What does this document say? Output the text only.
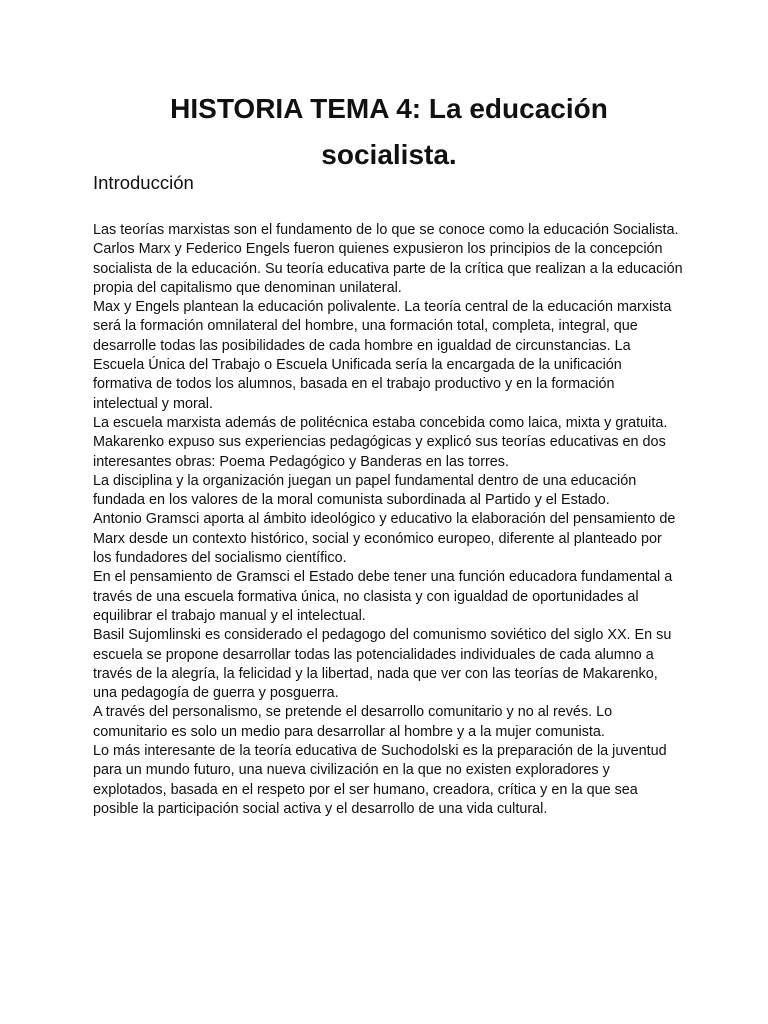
HISTORIA TEMA 4: La educación socialista.
Introducción

Las teorías marxistas son el fundamento de lo que se conoce como la educación Socialista.

Carlos Marx y Federico Engels fueron quienes expusieron los principios de la concepción socialista de la educación. Su teoría educativa parte de la crítica que realizan a la educación propia del capitalismo que denominan unilateral.

Max y Engels plantean la educación polivalente. La teoría central de la educación marxista será la formación omnilateral del hombre, una formación total, completa, integral, que desarrolle todas las posibilidades de cada hombre en igualdad de circunstancias. La Escuela Única del Trabajo o Escuela Unificada sería la encargada de la unificación formativa de todos los alumnos, basada en el trabajo productivo y en la formación intelectual y moral.

La escuela marxista además de politécnica estaba concebida como laica, mixta y gratuita.

Makarenko expuso sus experiencias pedagógicas y explicó sus teorías educativas en dos interesantes obras: Poema Pedagógico y Banderas en las torres.

La disciplina y la organización juegan un papel fundamental dentro de una educación fundada en los valores de la moral comunista subordinada al Partido y el Estado.

Antonio Gramsci aporta al ámbito ideológico y educativo la elaboración del pensamiento de Marx desde un contexto histórico, social y económico europeo, diferente al planteado por los fundadores del socialismo científico.

En el pensamiento de Gramsci el Estado debe tener una función educadora fundamental a través de una escuela formativa única, no clasista y con igualdad de oportunidades al equilibrar el trabajo manual y el intelectual.

Basil Sujomlinski es considerado el pedagogo del comunismo soviético del siglo XX. En su escuela se propone desarrollar todas las potencialidades individuales de cada alumno a través de la alegría, la felicidad y la libertad, nada que ver con las teorías de Makarenko, una pedagogía de guerra y posguerra.

A través del personalismo, se pretende el desarrollo comunitario y no al revés. Lo comunitario es solo un medio para desarrollar al hombre y a la mujer comunista.

Lo más interesante de la teoría educativa de Suchodolski es la preparación de la juventud para un mundo futuro, una nueva civilización en la que no existen exploradores y explotados, basada en el respeto por el ser humano, creadora, crítica y en la que sea posible la participación social activa y el desarrollo de una vida cultural.
